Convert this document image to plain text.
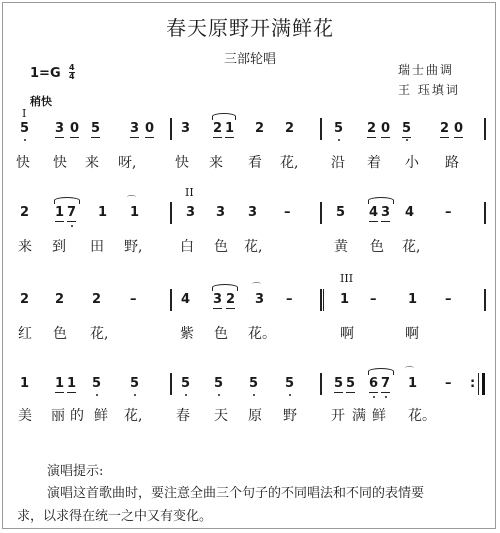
春天原野开满鲜花
三部轮唱
瑞士曲调
王 珏填词
1=G 4
4
稍快
I
5 3 0 5 3 0 3 2 1 2 2	5 2 0 5 2 0
快 快 来 呀,	快 来 看 花, 沿 着 小 路
II
2 1 7 1
⌒
1	3 3 3 –	5 4 3 4 –
来 到 田 野,	白 色 花,	黄 色 花,
III
2 2 2 –	4 3 2
⌒
3 –	1 – 1 –
红 色 花,	紫 色 花。	啊	啊
1 1 1 5 5	5 5 5 5	5 5 6 7
⌒
1 – :
美 丽 的 鲜 花, 春 天 原 野 开 满 鲜 花。
演唱提示:
演唱这首歌曲时，要注意全曲三个句子的不同唱法和不同的表情要
求，以求得在统一之中又有变化。
